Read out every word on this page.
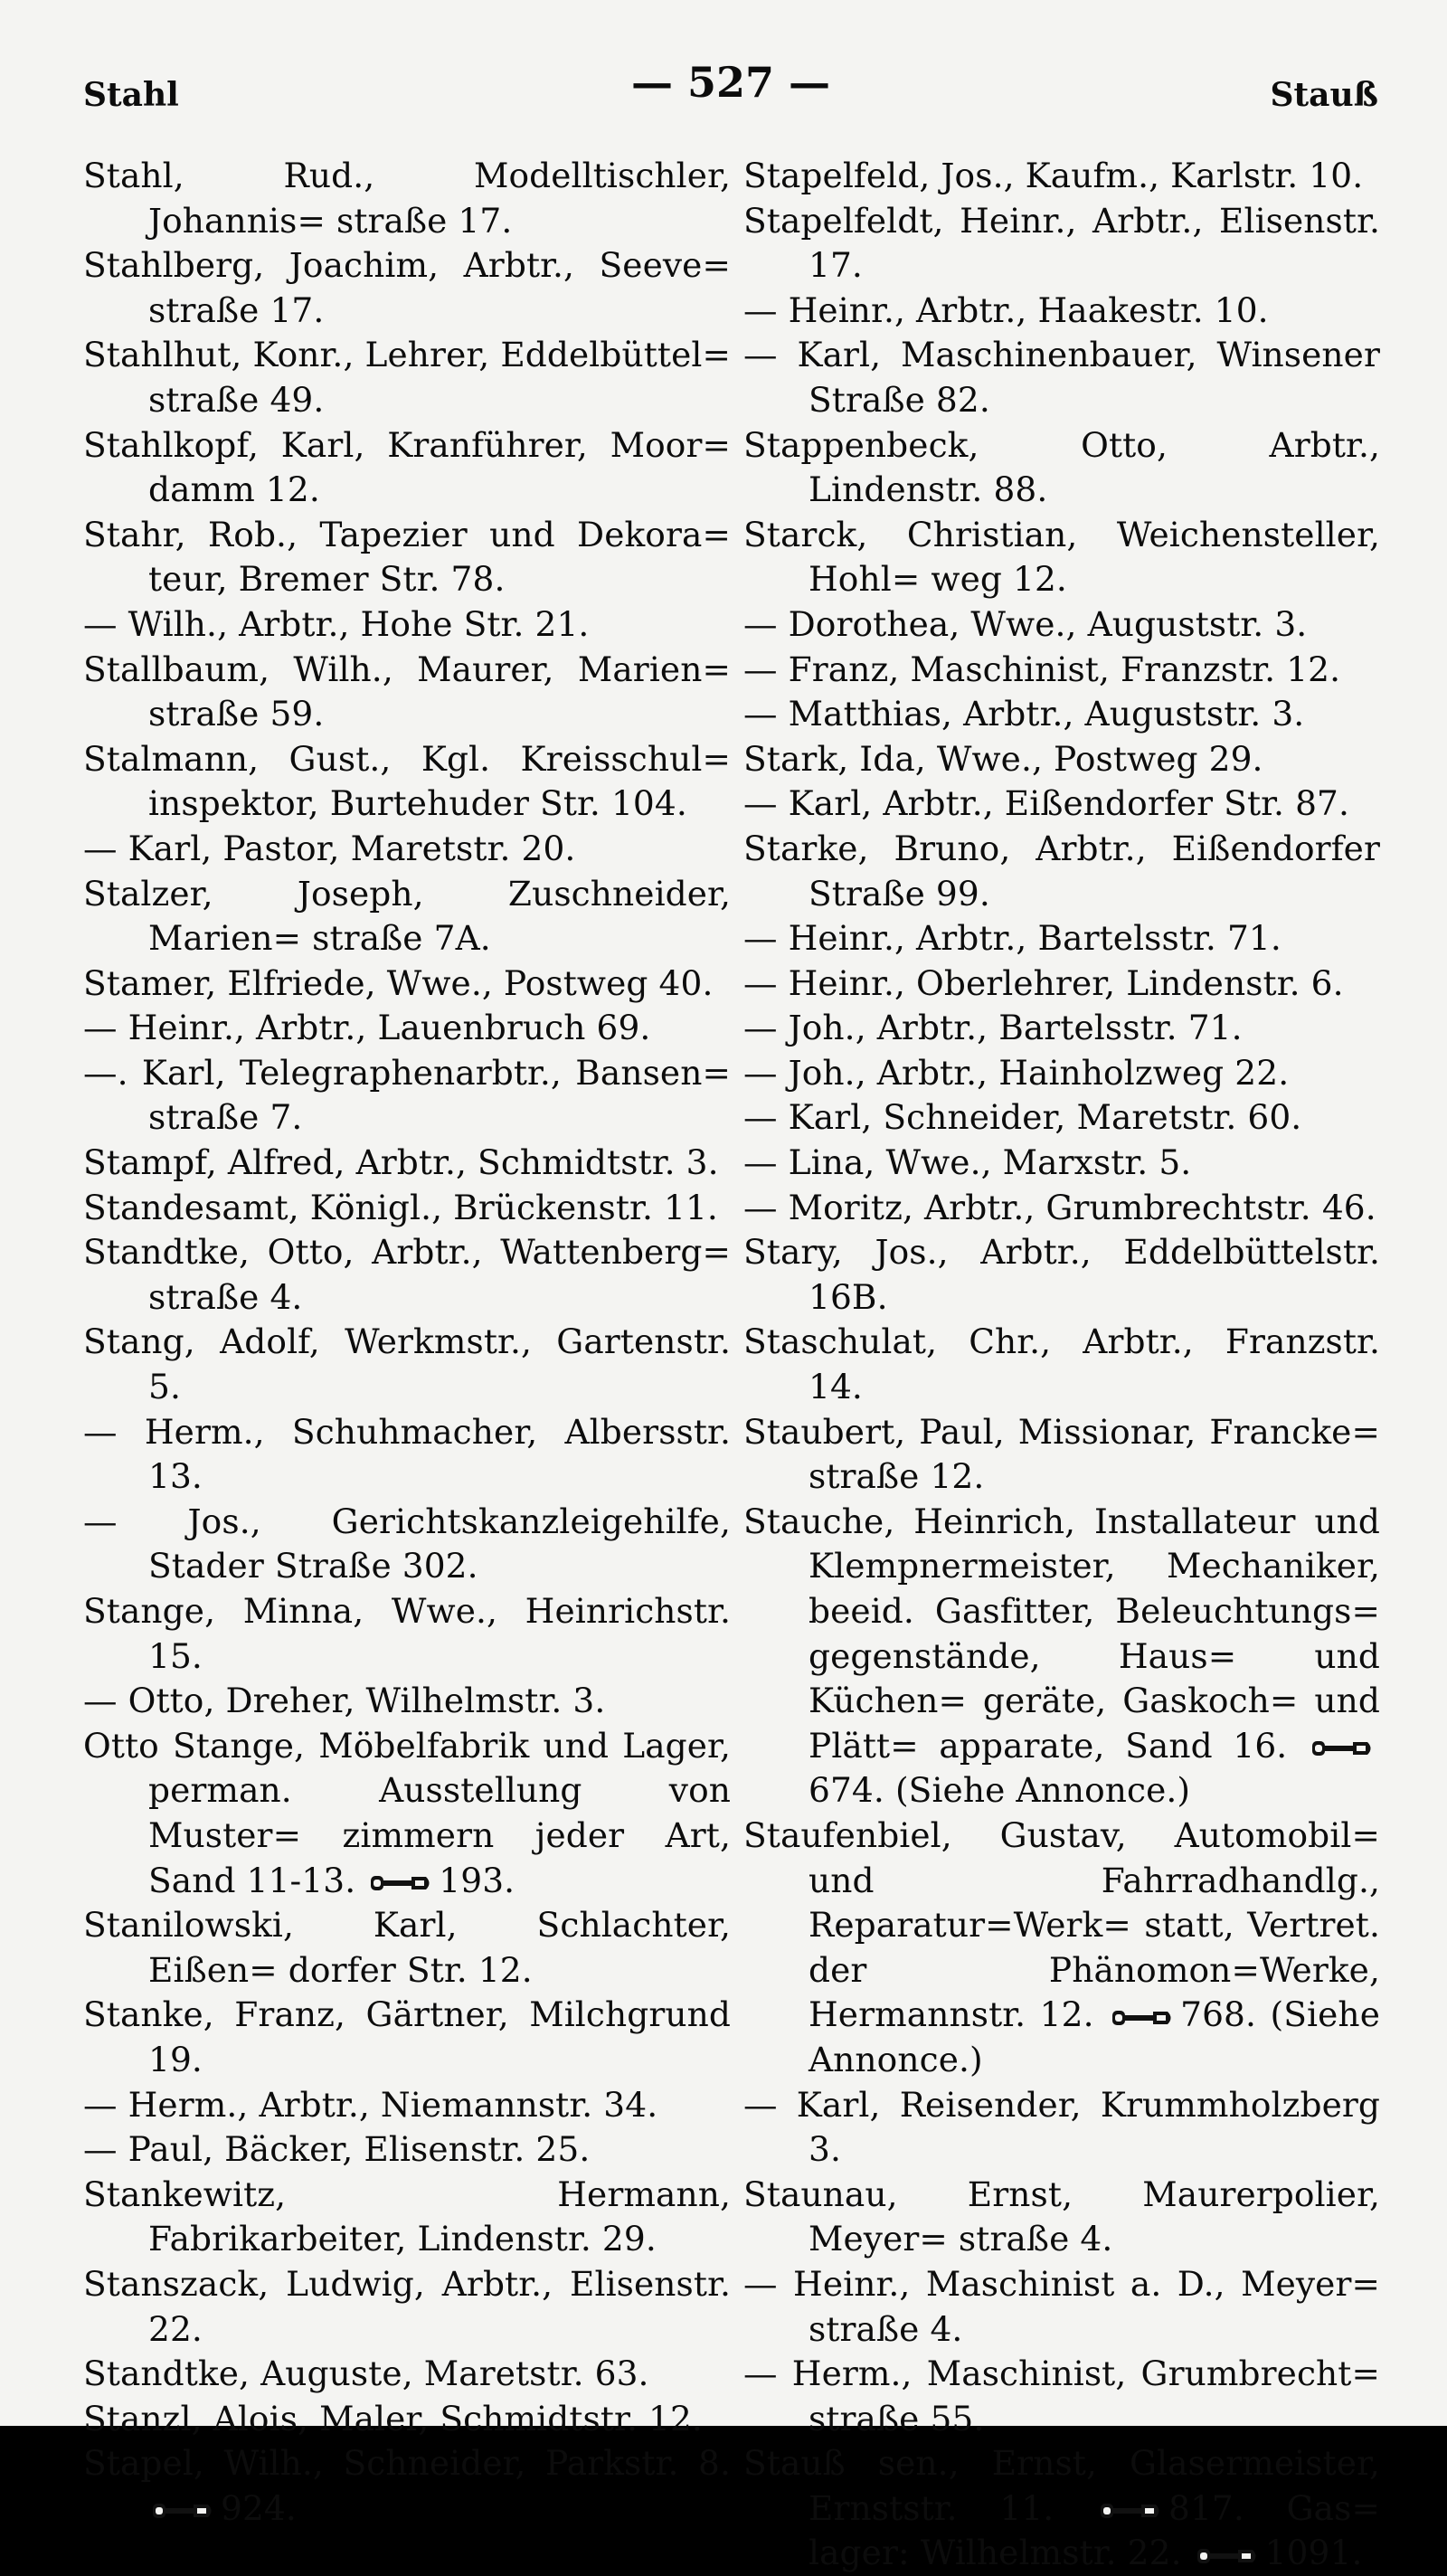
Stahl	— 527 —	Stauß
Stahl, Rud., Modelltischler, Johannis= straße 17.
Stahlberg, Joachim, Arbtr., Seeve= straße 17.
Stahlhut, Konr., Lehrer, Eddelbüttel= straße 49.
Stahlkopf, Karl, Kranführer, Moor= damm 12.
Stahr, Rob., Tapezier und Dekora= teur, Bremer Str. 78.
— Wilh., Arbtr., Hohe Str. 21.
Stallbaum, Wilh., Maurer, Marien= straße 59.
Stalmann, Gust., Kgl. Kreisschul= inspektor, Burtehuder Str. 104.
— Karl, Pastor, Maretstr. 20.
Stalzer, Joseph, Zuschneider, Marien= straße 7A.
Stamer, Elfriede, Wwe., Postweg 40.
— Heinr., Arbtr., Lauenbruch 69.
—. Karl, Telegraphenarbtr., Bansen= straße 7.
Stampf, Alfred, Arbtr., Schmidtstr. 3.
Standesamt, Königl., Brückenstr. 11.
Standtke, Otto, Arbtr., Wattenberg= straße 4.
Stang, Adolf, Werkmstr., Gartenstr. 5.
— Herm., Schuhmacher, Albersstr. 13.
— Jos., Gerichtskanzleigehilfe, Stader Straße 302.
Stange, Minna, Wwe., Heinrichstr. 15.
— Otto, Dreher, Wilhelmstr. 3.
Otto Stange, Möbelfabrik und Lager, perman. Ausstellung von Muster= zimmern jeder Art, Sand 11-13. 193.
Stanilowski, Karl, Schlachter, Eißen= dorfer Str. 12.
Stanke, Franz, Gärtner, Milchgrund 19.
— Herm., Arbtr., Niemannstr. 34.
— Paul, Bäcker, Elisenstr. 25.
Stankewitz, Hermann, Fabrikarbeiter, Lindenstr. 29.
Stanszack, Ludwig, Arbtr., Elisenstr. 22.
Standtke, Auguste, Maretstr. 63.
Stanzl, Alois, Maler, Schmidtstr. 12.
Stapel, Wilh., Schneider, Parkstr. 8.
924.
Stapelfeld, Jos., Kaufm., Karlstr. 10.
Stapelfeldt, Heinr., Arbtr., Elisenstr. 17.
— Heinr., Arbtr., Haakestr. 10.
— Karl, Maschinenbauer, Winsener Straße 82.
Stappenbeck, Otto, Arbtr., Lindenstr. 88.
Starck, Christian, Weichensteller, Hohl= weg 12.
— Dorothea, Wwe., Auguststr. 3.
— Franz, Maschinist, Franzstr. 12.
— Matthias, Arbtr., Auguststr. 3.
Stark, Ida, Wwe., Postweg 29.
— Karl, Arbtr., Eißendorfer Str. 87.
Starke, Bruno, Arbtr., Eißendorfer Straße 99.
— Heinr., Arbtr., Bartelsstr. 71.
— Heinr., Oberlehrer, Lindenstr. 6.
— Joh., Arbtr., Bartelsstr. 71.
— Joh., Arbtr., Hainholzweg 22.
— Karl, Schneider, Maretstr. 60.
— Lina, Wwe., Marxstr. 5.
— Moritz, Arbtr., Grumbrechtstr. 46.
Stary, Jos., Arbtr., Eddelbüttelstr. 16B.
Staschulat, Chr., Arbtr., Franzstr. 14.
Staubert, Paul, Missionar, Francke= straße 12.
Stauche, Heinrich, Installateur und Klempnermeister, Mechaniker, beeid. Gasfitter, Beleuchtungs= gegenstände, Haus= und Küchen= geräte, Gaskoch= und Plätt= apparate, Sand 16.
674. (Siehe Annonce.)
Staufenbiel, Gustav, Automobil= und Fahrradhandlg., Reparatur=Werk= statt, Vertret. der Phänomon=Werke, Hermannstr. 12.	768. (Siehe Annonce.)
— Karl, Reisender, Krummholzberg 3.
Staunau, Ernst, Maurerpolier, Meyer= straße 4.
— Heinr., Maschinist a. D., Meyer= straße 4.
— Herm., Maschinist, Grumbrecht= straße 55.
Stauß sen., Ernst, Glasermeister, Ernststr. 11.	817. Gas= lager: Wilhelmstr. 22. 1091.
